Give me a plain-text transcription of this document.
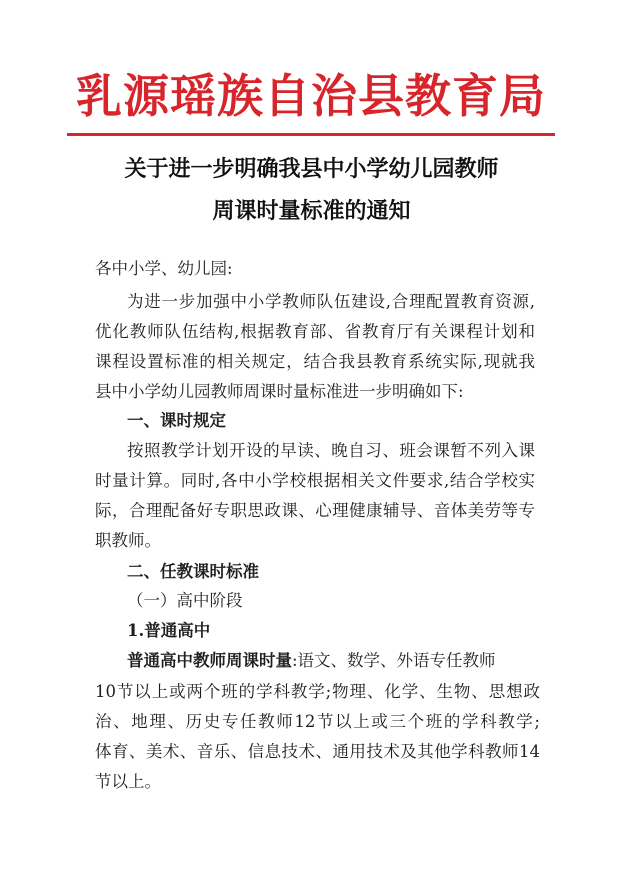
乳源瑶族自治县教育局
关于进一步明确我县中小学幼儿园教师
周课时量标准的通知
各中小学、幼儿园:
为进一步加强中小学教师队伍建设,合理配置教育资源,
优化教师队伍结构,根据教育部、省教育厅有关课程计划和
课程设置标准的相关规定，结合我县教育系统实际,现就我
县中小学幼儿园教师周课时量标准进一步明确如下:
一、课时规定
按照教学计划开设的早读、晚自习、班会课暂不列入课
时量计算。同时,各中小学校根据相关文件要求,结合学校实
际，合理配备好专职思政课、心理健康辅导、音体美劳等专
职教师。
二、任教课时标准
（一）高中阶段
1.普通高中
普通高中教师周课时量:语文、数学、外语专任教师
10节以上或两个班的学科教学;物理、化学、生物、思想政
治、地理、历史专任教师12节以上或三个班的学科教学;
体育、美术、音乐、信息技术、通用技术及其他学科教师14
节以上。
